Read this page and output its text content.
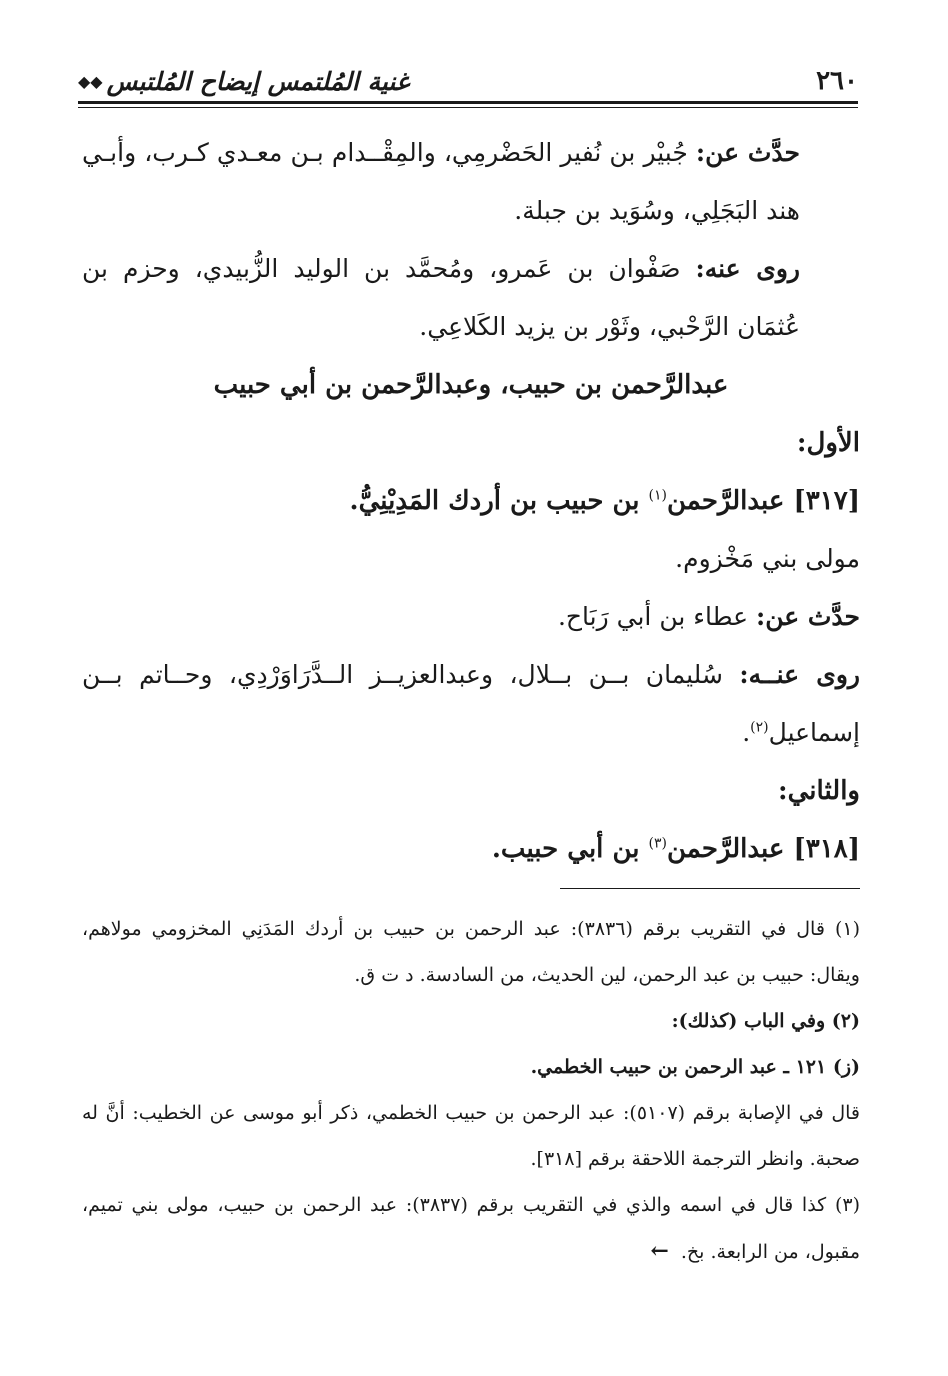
٢٦٠
غنية المُلتمس إيضاح المُلتبس
◆◆

حدَّث عن: جُبيْر بن نُفير الحَضْرمِي، والمِقْــدام بـن معـدي كـرب، وأبـي هند البَجَلِي، وسُوَيد بن جبلة.

روى عنه: صَفْوان بن عَمرو، ومُحمَّد بن الوليد الزُّبيدي، وحزم بن عُثمَان الرَّحْبي، وثَوْر بن يزيد الكَلاعِي.

عبدالرَّحمن بن حبيب، وعبدالرَّحمن بن أبي حبيب

الأول:

[٣١٧] عبدالرَّحمن$^{(١)}$ بن حبيب بن أردك المَدِيْنِيُّ.

مولى بني مَخْزوم.

حدَّث عن: عطاء بن أبي رَبَاح.

روى عنــه: سُليمان بــن بــلال، وعبدالعزيــز الــدَّرَاوَرْدِي، وحــاتم بــن إسماعيل$^{(٢)}$.

والثاني:

[٣١٨] عبدالرَّحمن$^{(٣)}$ بن أبي حبيب.

(١) قال في التقريب برقم (٣٨٣٦): عبد الرحمن بن حبيب بن أردك المَدَنِي المخزومي مولاهم، ويقال: حبيب بن عبد الرحمن، لين الحديث، من السادسة. د ت ق.

(٢) وفي الباب (كذلك):

(ز) ١٢١ ـ عبد الرحمن بن حبيب الخطمي.

قال في الإصابة برقم (٥١٠٧): عبد الرحمن بن حبيب الخطمي، ذكر أبو موسى عن الخطيب: أنَّ له صحبة. وانظر الترجمة اللاحقة برقم [٣١٨].

(٣) كذا قال في اسمه والذي في التقريب برقم (٣٨٣٧): عبد الرحمن بن حبيب، مولى بني تميم، مقبول، من الرابعة. بخ.←
